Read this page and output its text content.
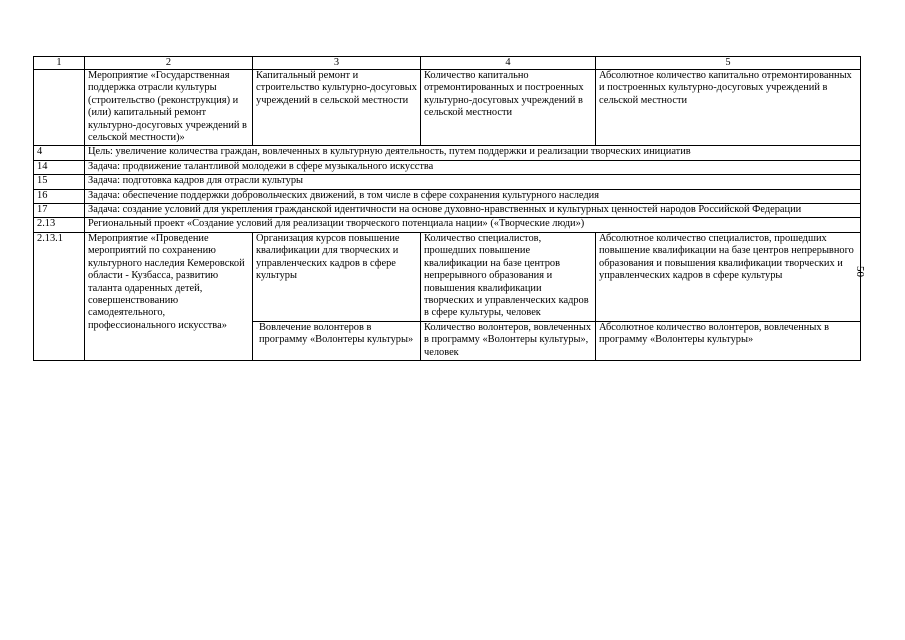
1	2	3	4	5
	Мероприятие «Государственная поддержка отрасли культуры (строительство (реконструкция) и (или) капитальный ремонт культурно-досуговых учреждений в сельской местности)»	Капитальный ремонт и строительство культурно-досуговых учреждений в сельской местности	Количество капитально отремонтированных и построенных культурно-досуговых учреждений в сельской местности	Абсолютное количество капитально отремонтированных и построенных культурно-досуговых учреждений в сельской местности
4	Цель: увеличение количества граждан, вовлеченных в культурную деятельность, путем поддержки и реализации творческих инициатив			
14	Задача: продвижение талантливой молодежи в сфере музыкального искусства			
15	Задача: подготовка кадров для отрасли культуры			
16	Задача: обеспечение поддержки добровольческих движений, в том числе в сфере сохранения культурного наследия			
17	Задача: создание условий для укрепления гражданской идентичности на основе духовно-нравственных и культурных ценностей народов Российской Федерации			
2.13	Региональный проект «Создание условий для реализации творческого потенциала нации» («Творческие люди»)			
2.13.1	Мероприятие «Проведение мероприятий по сохранению культурного наследия Кемеровской области - Кузбасса, развитию таланта одаренных детей, совершенствованию самодеятельного, профессионального искусства»	Организация курсов повышение квалификации для творческих и управленческих кадров в сфере культуры	Количество специалистов, прошедших повышение квалификации на базе центров непрерывного образования и повышения квалификации творческих и управленческих кадров в сфере культуры, человек	Абсолютное количество специалистов, прошедших повышение квалификации на базе центров непрерывного образования и повышения квалификации творческих и управленческих кадров в сфере культуры
		Вовлечение волонтеров в программу «Волонтеры культуры»	Количество волонтеров, вовлеченных в программу «Волонтеры культуры», человек	Абсолютное количество волонтеров, вовлеченных в программу «Волонтеры культуры»
50
